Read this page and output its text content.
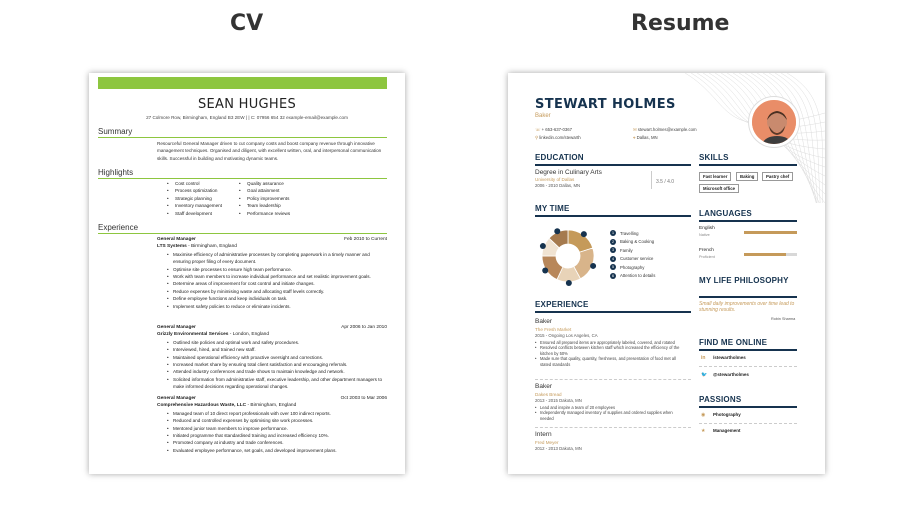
CV	Resume
SEAN HUGHES
27 Colmore Row, Birmingham, England B3 2EW | | C: 07956 654 32 example-email@example.com
Summary
Resourceful General Manager driven to cut company costs and boost company revenue through innovative management techniques. Organised and diligent, with excellent written, oral, and interpersonal communication skills. Successful in building and motivating dynamic teams.
Highlights
• Cost control
• Process optimization
• Strategic planning
• Inventory management
• Staff development
• Quality assurance
• Goal attainment
• Policy improvements
• Team leadership
• Performance reviews
Experience
General Manager	Feb 2010 to Current
LTS Systems - Birmingham, England
• Maximise efficiency of administrative processes by completing paperwork in a timely manner and ensuring proper filing of every document.
• Optimise site processes to ensure high team performance.
• Work with team members to increase individual performance and set realistic improvement goals.
• Determine areas of improvement for cost control and initiate changes.
• Reduce expenses by minimising waste and allocating staff levels correctly.
• Define employee functions and keep individuals on task.
• Implement safety policies to reduce or eliminate incidents.
General Manager	Apr 2006 to Jan 2010
Grizzly Environmental Services - London, England
• Outlined site policies and optimal work and safety procedures.
• Interviewed, hired, and trained new staff.
• Maintained operational efficiency with proactive oversight and corrections.
• Increased market share by ensuring total client satisfaction and encouraging referrals.
• Attended industry conferences and trade shows to maintain knowledge and network.
• Solicited information from administrative staff, executive leadership, and other department managers to make informed decisions regarding operational changes.
General Manager	Oct 2003 to Mar 2006
Comprehensive Hazardous Waste, LLC - Birmingham, England
• Managed team of 10 direct report professionals with over 100 indirect reports.
• Reduced and controlled expenses by optimising site work processes.
• Mentored junior team members to improve performance.
• Initiated programme that standardised training and increased efficiency 10%.
• Promoted company at industry and trade conferences.
• Evaluated employee performance, set goals, and developed improvement plans.
STEWART HOLMES
Baker
☏ + 653-637-0367	✉ stewart.holmes@example.com
⚲ linkedin.com/stewarth	⌖ Dallas, MN
EDUCATION
Degree in Culinary Arts
University of Dallas
2006 - 2010 Dallas, MN
3.5 / 4.0
MY TIME
1	Travelling
2	Baking & Cooking
3	Family
4	Customer service
5	Photography
6	Attention to details
EXPERIENCE
Baker
The Fresh Market
2015 - Ongoing Los Angeles, CA
• Ensured all prepared items are appropriately labeled, covered, and rotated
• Resolved conflicts between kitchen staff which increased the efficiency of the kitchen by 50%
• Made sure that quality, quantity, freshness, and presentation of food met all stated standards
Baker
Dakes Bread
2013 - 2015 Dakota, MN
• Lead and inspire a team of 20 employees
• Independently managed inventory of supplies and ordered supplies when needed
Intern
Fred Meyer
2012 - 2013 Dakota, MN
SKILLS
Fast learner	Baking	Pastry chef
Microsoft office
LANGUAGES
English
Native
French
Proficient
MY LIFE PHILOSOPHY
Small daily improvements over time lead to stunning results.
Robin Sharma
FIND ME ONLINE
in /stewartholmes
🐦 @stewartholmes
PASSIONS
◉ Photography
★ Management
